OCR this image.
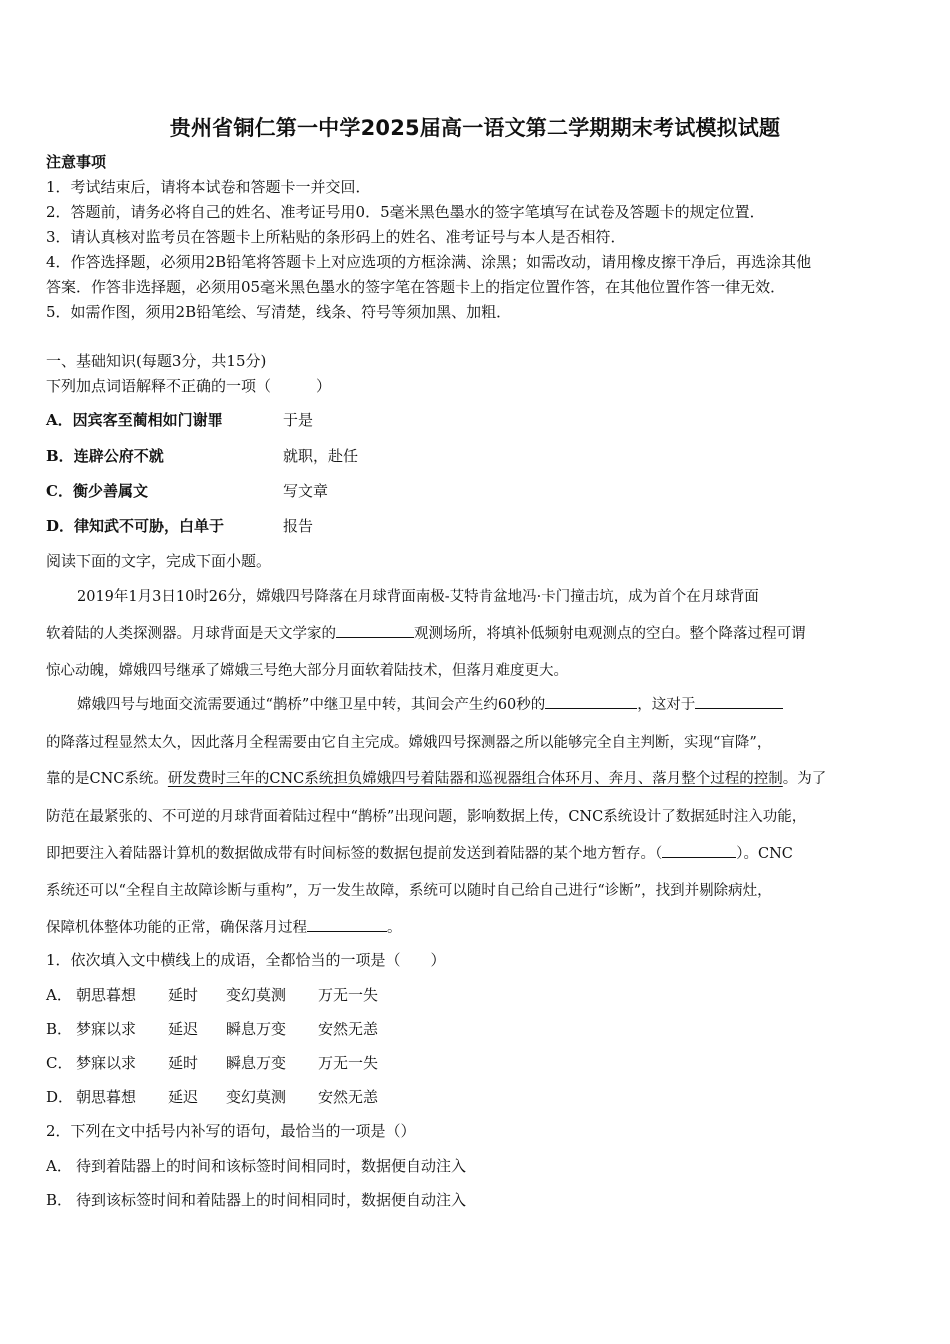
贵州省铜仁第一中学2025届高一语文第二学期期末考试模拟试题
注意事项
1．考试结束后，请将本试卷和答题卡一并交回．
2．答题前，请务必将自己的姓名、准考证号用0．5毫米黑色墨水的签字笔填写在试卷及答题卡的规定位置．
3．请认真核对监考员在答题卡上所粘贴的条形码上的姓名、准考证号与本人是否相符．
4．作答选择题，必须用2B铅笔将答题卡上对应选项的方框涂满、涂黑；如需改动，请用橡皮擦干净后，再选涂其他
答案．作答非选择题，必须用05毫米黑色墨水的签字笔在答题卡上的指定位置作答，在其他位置作答一律无效．
5．如需作图，须用2B铅笔绘、写清楚，线条、符号等须加黑、加粗．
一、基础知识(每题3分，共15分)
下列加点词语解释不正确的一项（　　　）
A．因宾客至蔺相如门谢罪	于是
B．连辟公府不就	就职，赴任
C．衡少善属文	写文章
D．律知武不可胁，白单于	报告
阅读下面的文字，完成下面小题。
2019年1月3日10时26分，嫦娥四号降落在月球背面南极-艾特肯盆地冯·卡门撞击坑，成为首个在月球背面
软着陆的人类探测器。月球背面是天文学家的	观测场所，将填补低频射电观测点的空白。整个降落过程可谓
惊心动魄，嫦娥四号继承了嫦娥三号绝大部分月面软着陆技术，但落月难度更大。
嫦娥四号与地面交流需要通过“鹊桥”中继卫星中转，其间会产生约60秒的	，这对于
的降落过程显然太久，因此落月全程需要由它自主完成。嫦娥四号探测器之所以能够完全自主判断，实现“盲降”，
靠的是CNC系统。研发费时三年的CNC系统担负嫦娥四号着陆器和巡视器组合体环月、奔月、落月整个过程的控制。为了
防范在最紧张的、不可逆的月球背面着陆过程中“鹊桥”出现问题，影响数据上传，CNC系统设计了数据延时注入功能，
即把要注入着陆器计算机的数据做成带有时间标签的数据包提前发送到着陆器的某个地方暂存。（	）。CNC
系统还可以“全程自主故障诊断与重构”，万一发生故障，系统可以随时自己给自己进行“诊断”，找到并剔除病灶，
保障机体整体功能的正常，确保落月过程	。
1．依次填入文中横线上的成语，全都恰当的一项是（　　）
A． 朝思暮想 延时 变幻莫测 万无一失
B． 梦寐以求 延迟 瞬息万变 安然无恙
C． 梦寐以求 延时 瞬息万变 万无一失
D． 朝思暮想 延迟 变幻莫测 安然无恙
2．下列在文中括号内补写的语句，最恰当的一项是（）
A． 待到着陆器上的时间和该标签时间相同时，数据便自动注入
B． 待到该标签时间和着陆器上的时间相同时，数据便自动注入
